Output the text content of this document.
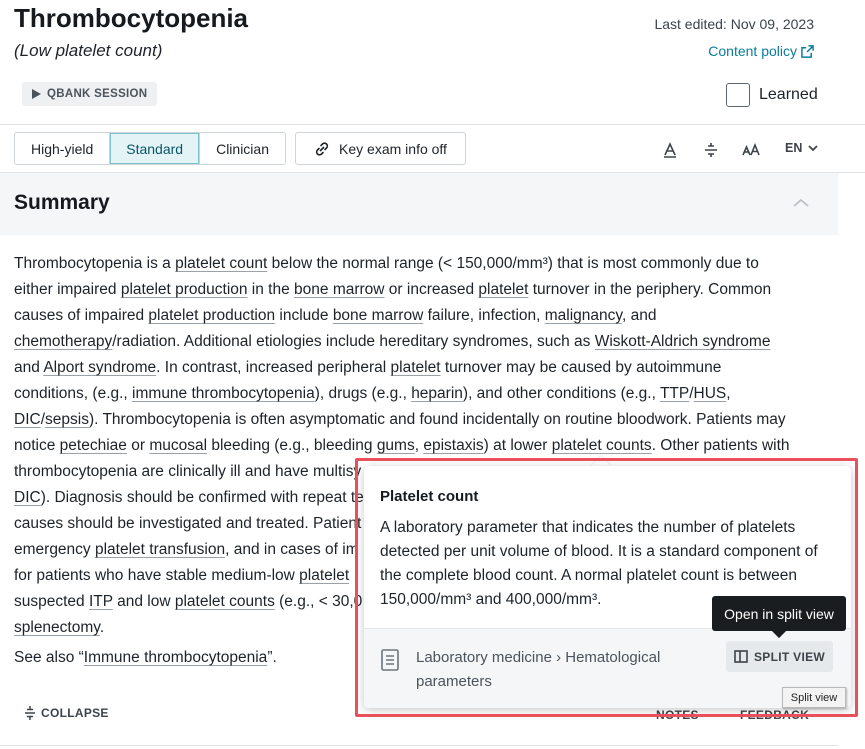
Thrombocytopenia
(Low platelet count)
Last edited: Nov 09, 2023
Content policy
QBANK SESSION	Learned
High-yield	Standard	Clinician	Key exam info off	EN
Summary
Thrombocytopenia is a platelet count below the normal range (< 150,000/mm³) that is most commonly due to
either impaired platelet production in the bone marrow or increased platelet turnover in the periphery. Common
causes of impaired platelet production include bone marrow failure, infection, malignancy, and
chemotherapy/radiation. Additional etiologies include hereditary syndromes, such as Wiskott-Aldrich syndrome
and Alport syndrome. In contrast, increased peripheral platelet turnover may be caused by autoimmune
conditions, (e.g., immune thrombocytopenia), drugs (e.g., heparin), and other conditions (e.g., TTP/HUS,
DIC/sepsis). Thrombocytopenia is often asymptomatic and found incidentally on routine bloodwork. Patients may
notice petechiae or mucosal bleeding (e.g., bleeding gums, epistaxis) at lower platelet counts. Other patients with
thrombocytopenia are clinically ill and have multisy
DIC). Diagnosis should be confirmed with repeat te
causes should be investigated and treated. Patient
emergency platelet transfusion, and in cases of im
for patients who have stable medium-low platelet
suspected ITP and low platelet counts (e.g., < 30,0
splenectomy.
See also “Immune thrombocytopenia”.
COLLAPSE	NOTES	FEEDBACK
Platelet count
A laboratory parameter that indicates the number of platelets detected per unit volume of blood. It is a standard component of the complete blood count. A normal platelet count is between 150,000/mm³ and 400,000/mm³.
Laboratory medicine › Hematological parameters
SPLIT VIEW
Open in split view
Split view
